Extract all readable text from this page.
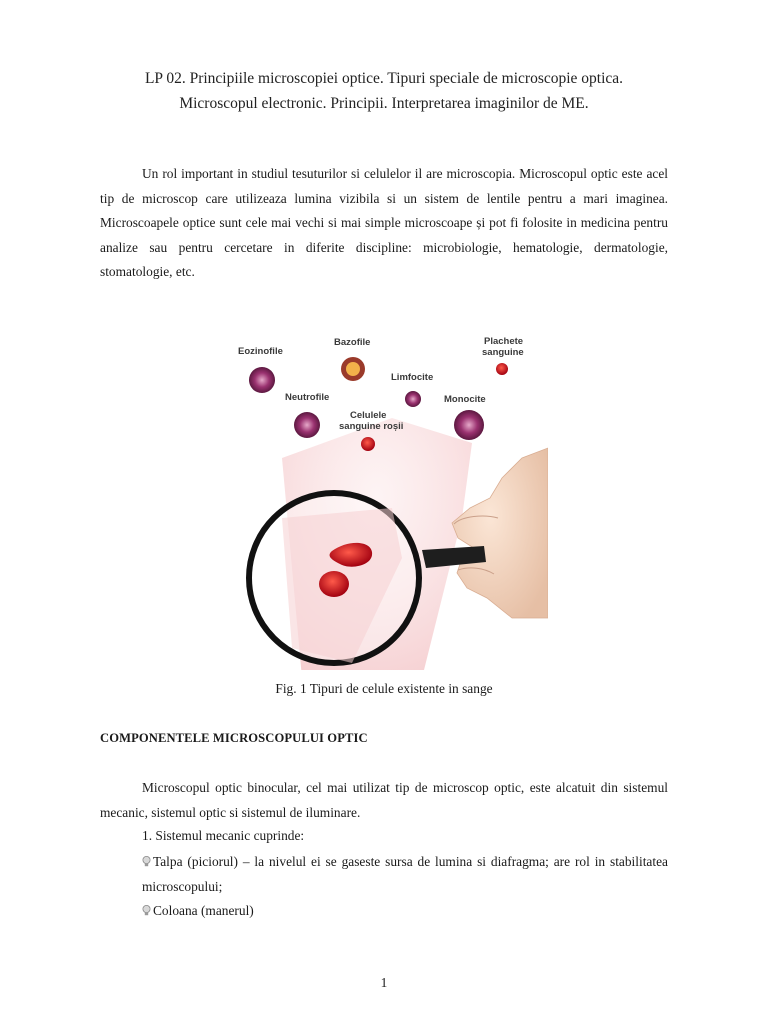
LP 02. Principiile microscopiei optice. Tipuri speciale de microscopie optica.
Microscopul electronic. Principii. Interpretarea imaginilor de ME.
Un rol important in studiul tesuturilor si celulelor il are microscopia. Microscopul optic este acel tip de microscop care utilizeaza lumina vizibila si un sistem de lentile pentru a mari imaginea. Microscoapele optice sunt cele mai vechi si mai simple microscoape și pot fi folosite in medicina pentru analize sau pentru cercetare in diferite discipline: microbiologie, hematologie, dermatologie, stomatologie, etc.
Eozinofile
Bazofile	Plachete
sanguine
Limfocite
Neutrofile	Monocite
Celulele
sanguine roșii
Fig. 1 Tipuri de celule existente in sange
COMPONENTELE MICROSCOPULUI OPTIC
Microscopul optic binocular, cel mai utilizat tip de microscop optic, este alcatuit din sistemul mecanic, sistemul optic si sistemul de iluminare.
1. Sistemul mecanic cuprinde:
Talpa (piciorul) – la nivelul ei se gaseste sursa de lumina si diafragma; are rol in stabilitatea microscopului;
Coloana (manerul)
1
